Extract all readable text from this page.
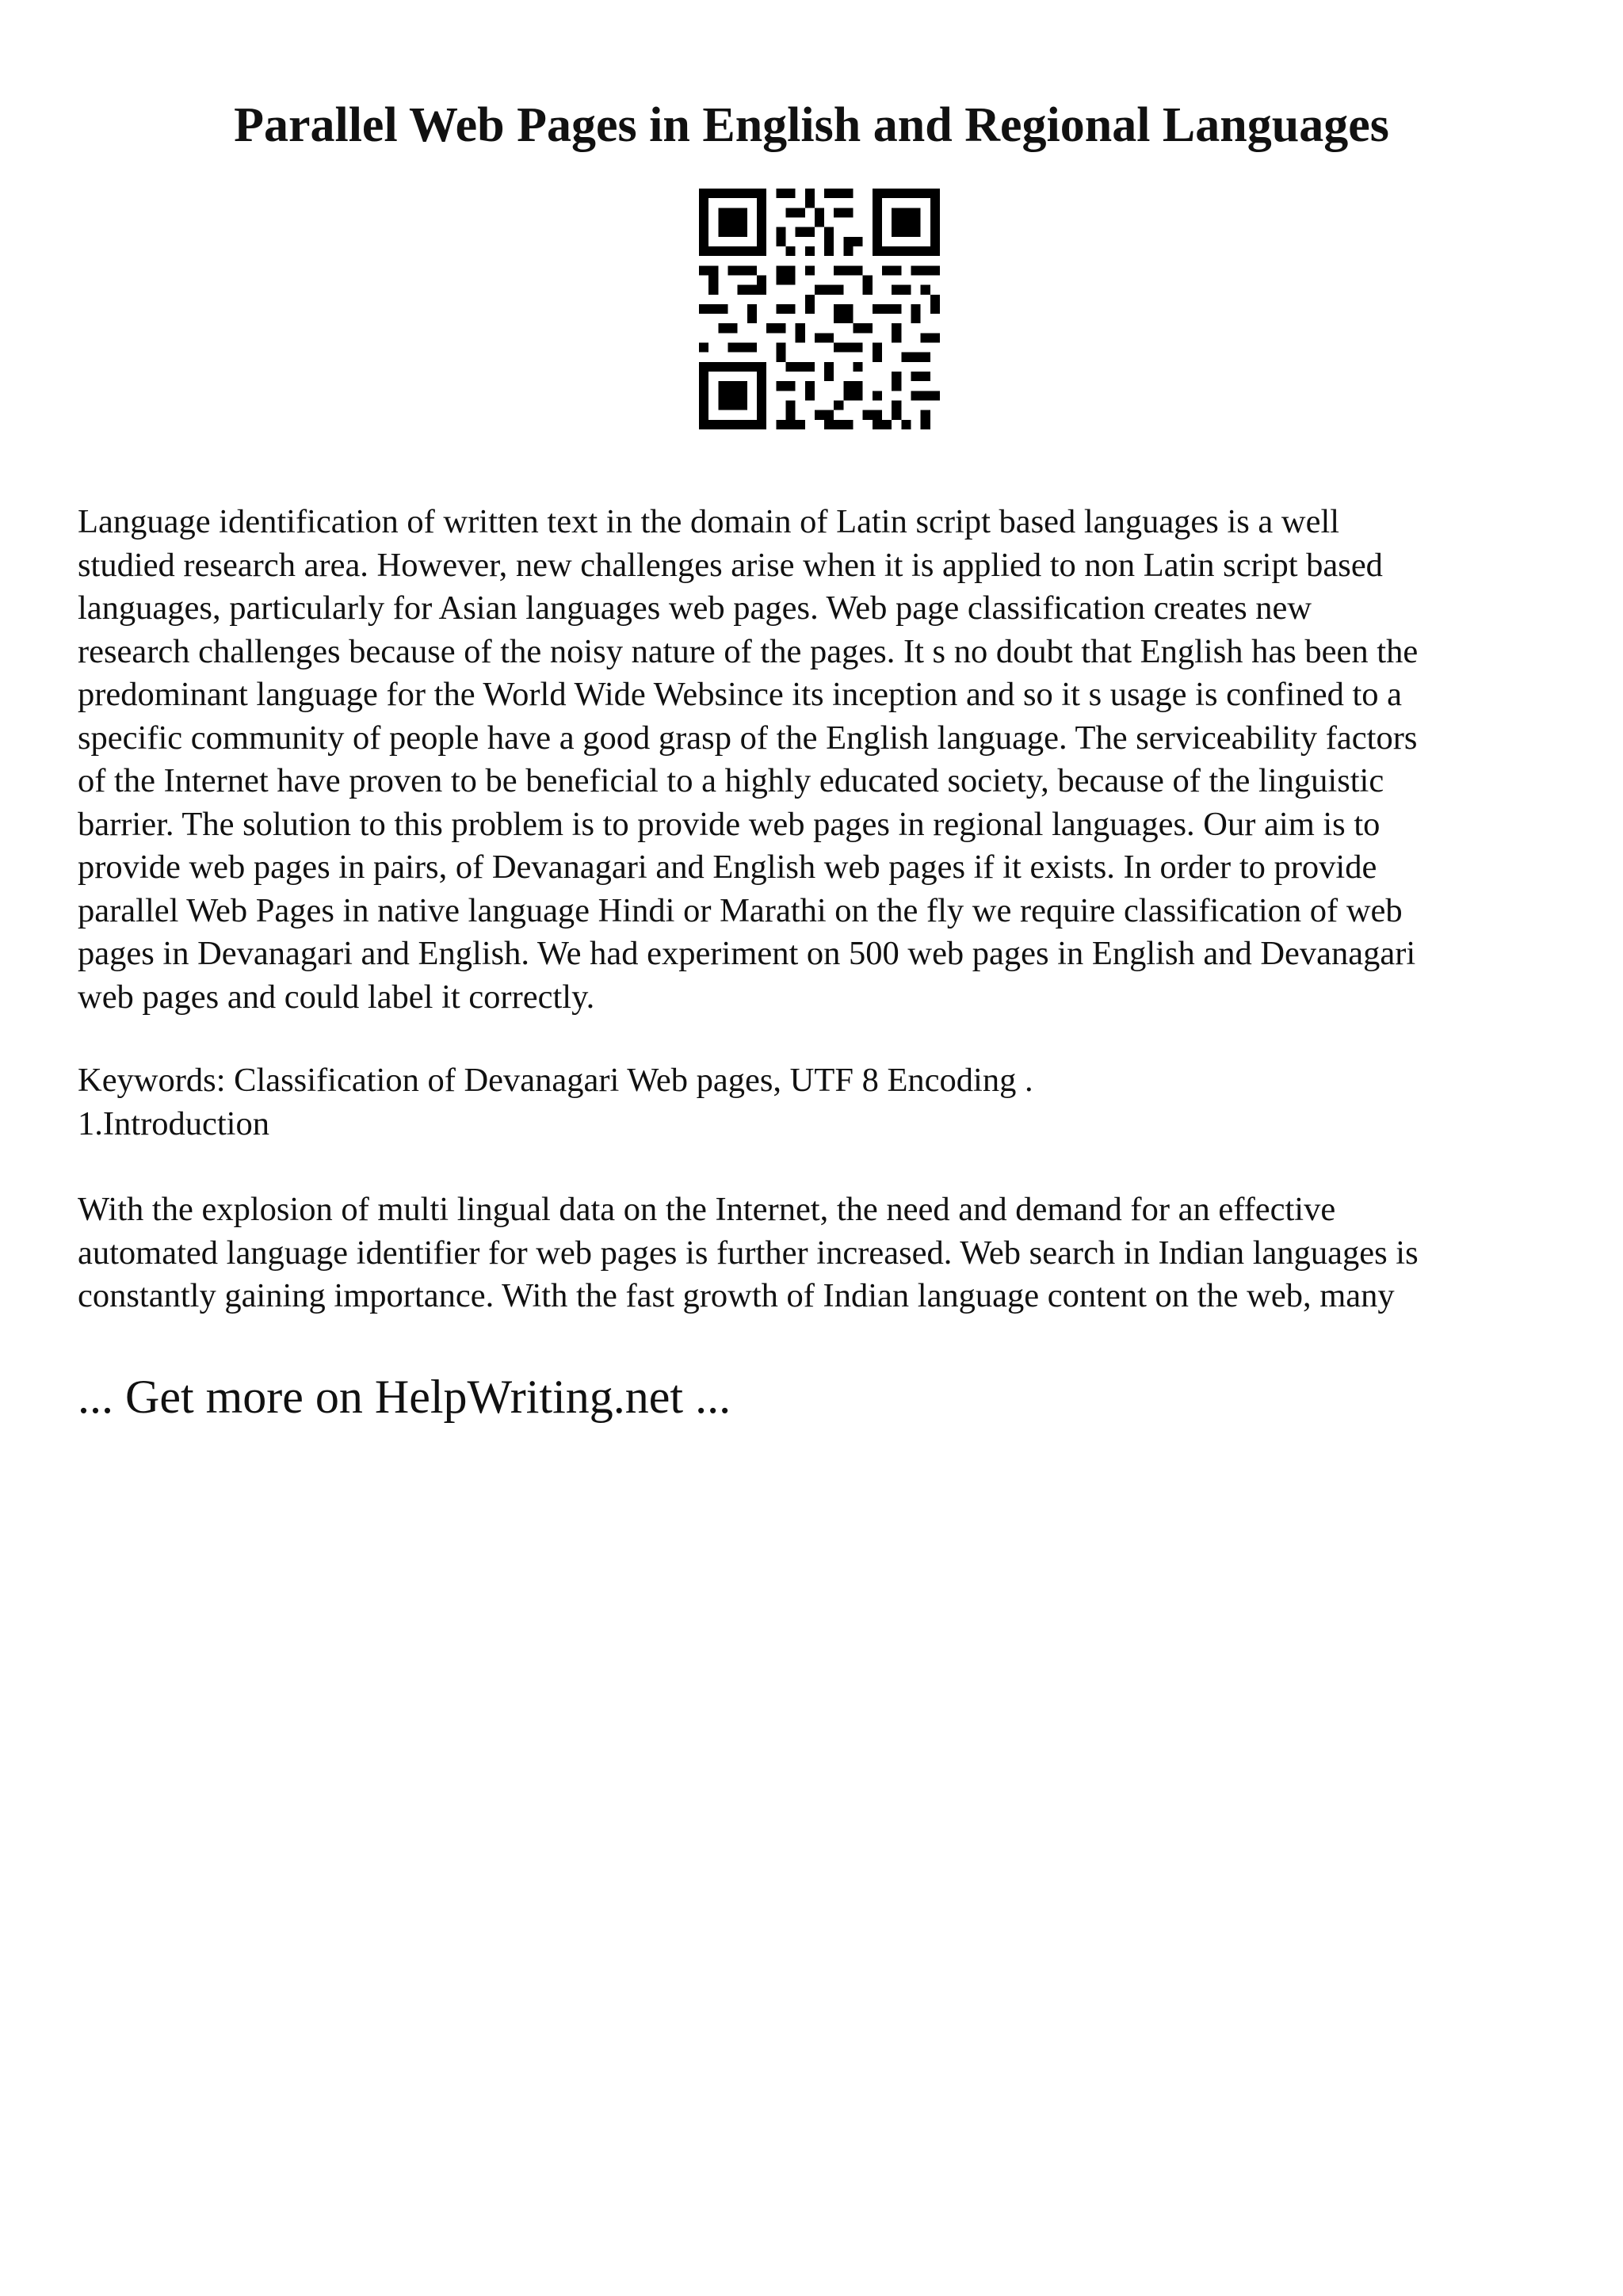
Parallel Web Pages in English and Regional Languages
Language identification of written text in the domain of Latin script based languages is a well
studied research area. However, new challenges arise when it is applied to non Latin script based
languages, particularly for Asian languages web pages. Web page classification creates new
research challenges because of the noisy nature of the pages. It s no doubt that English has been the
predominant language for the World Wide Websince its inception and so it s usage is confined to a
specific community of people have a good grasp of the English language. The serviceability factors
of the Internet have proven to be beneficial to a highly educated society, because of the linguistic
barrier. The solution to this problem is to provide web pages in regional languages. Our aim is to
provide web pages in pairs, of Devanagari and English web pages if it exists. In order to provide
parallel Web Pages in native language Hindi or Marathi on the fly we require classification of web
pages in Devanagari and English. We had experiment on 500 web pages in English and Devanagari
web pages and could label it correctly.
Keywords: Classification of Devanagari Web pages, UTF 8 Encoding .
1.Introduction
With the explosion of multi lingual data on the Internet, the need and demand for an effective
automated language identifier for web pages is further increased. Web search in Indian languages is
constantly gaining importance. With the fast growth of Indian language content on the web, many

... Get more on HelpWriting.net ...
